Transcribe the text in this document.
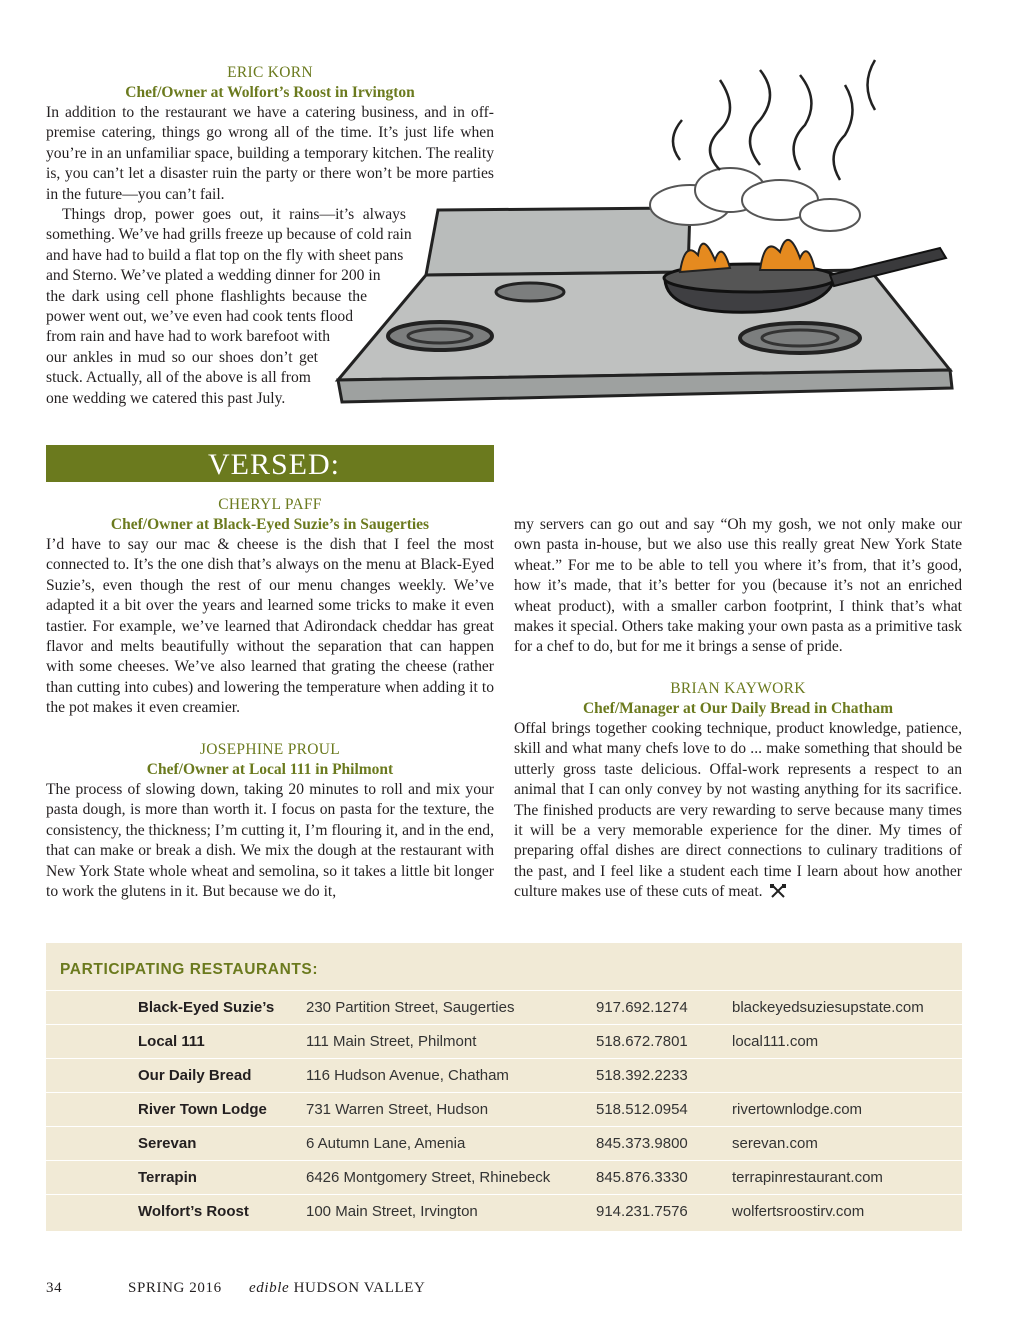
ERIC KORN
Chef/Owner at Wolfort’s Roost in Irvington
In addition to the restaurant we have a catering business, and in off-premise catering, things go wrong all of the time. It’s just life when you’re in an unfamiliar space, building a temporary kitchen. The reality is, you can’t let a disaster ruin the party or there won’t be more parties in the future—you can’t fail.
Things drop, power goes out, it rains—it’s always
something. We’ve had grills freeze up because of cold rain
and have had to build a flat top on the fly with sheet pans
and Sterno. We’ve plated a wedding dinner for 200 in
the dark using cell phone flashlights because the
power went out, we’ve even had cook tents flood
from rain and have had to work barefoot with
our ankles in mud so our shoes don’t get
stuck. Actually, all of the above is all from
one wedding we catered this past July.
VERSED:
CHERYL PAFF
Chef/Owner at Black-Eyed Suzie’s in Saugerties
I’d have to say our mac & cheese is the dish that I feel the most connected to. It’s the one dish that’s always on the menu at Black-Eyed Suzie’s, even though the rest of our menu changes weekly. We’ve adapted it a bit over the years and learned some tricks to make it even tastier. For example, we’ve learned that Adirondack cheddar has great flavor and melts beautifully without the separation that can happen with some cheeses. We’ve also learned that grating the cheese (rather than cutting into cubes) and lowering the temperature when adding it to the pot makes it even creamier.
JOSEPHINE PROUL
Chef/Owner at Local 111 in Philmont
The process of slowing down, taking 20 minutes to roll and mix your pasta dough, is more than worth it. I focus on pasta for the texture, the consistency, the thickness; I’m cutting it, I’m flouring it, and in the end, that can make or break a dish. We mix the dough at the restaurant with New York State whole wheat and semolina, so it takes a little bit longer to work the glutens in it. But because we do it,
my servers can go out and say “Oh my gosh, we not only make our own pasta in-house, but we also use this really great New York State wheat.” For me to be able to tell you where it’s from, that it’s good, how it’s made, that it’s better for you (because it’s not an enriched wheat product), with a smaller carbon footprint, I think that’s what makes it special. Others take making your own pasta as a primitive task for a chef to do, but for me it brings a sense of pride.
BRIAN KAYWORK
Chef/Manager at Our Daily Bread in Chatham
Offal brings together cooking technique, product knowledge, patience, skill and what many chefs love to do ... make something that should be utterly gross taste delicious. Offal-work represents a respect to an animal that I can only convey by not wasting anything for its sacrifice. The finished products are very rewarding to serve because many times it will be a very memorable experience for the diner. My times of preparing offal dishes are direct connections to culinary traditions of the past, and I feel like a student each time I learn about how another culture makes use of these cuts of meat.
PARTICIPATING RESTAURANTS:
Black-Eyed Suzie’s 230 Partition Street, Saugerties	917.692.1274	blackeyedsuziesupstate.com
Local 111	111 Main Street, Philmont	518.672.7801	local111.com
Our Daily Bread	116 Hudson Avenue, Chatham	518.392.2233
River Town Lodge	731 Warren Street, Hudson	518.512.0954	rivertownlodge.com
Serevan	6 Autumn Lane, Amenia	845.373.9800	serevan.com
Terrapin	6426 Montgomery Street, Rhinebeck	845.876.3330	terrapinrestaurant.com
Wolfort’s Roost	100 Main Street, Irvington	914.231.7576	wolfertsroostirv.com
34	SPRING 2016 edible HUDSON VALLEY
